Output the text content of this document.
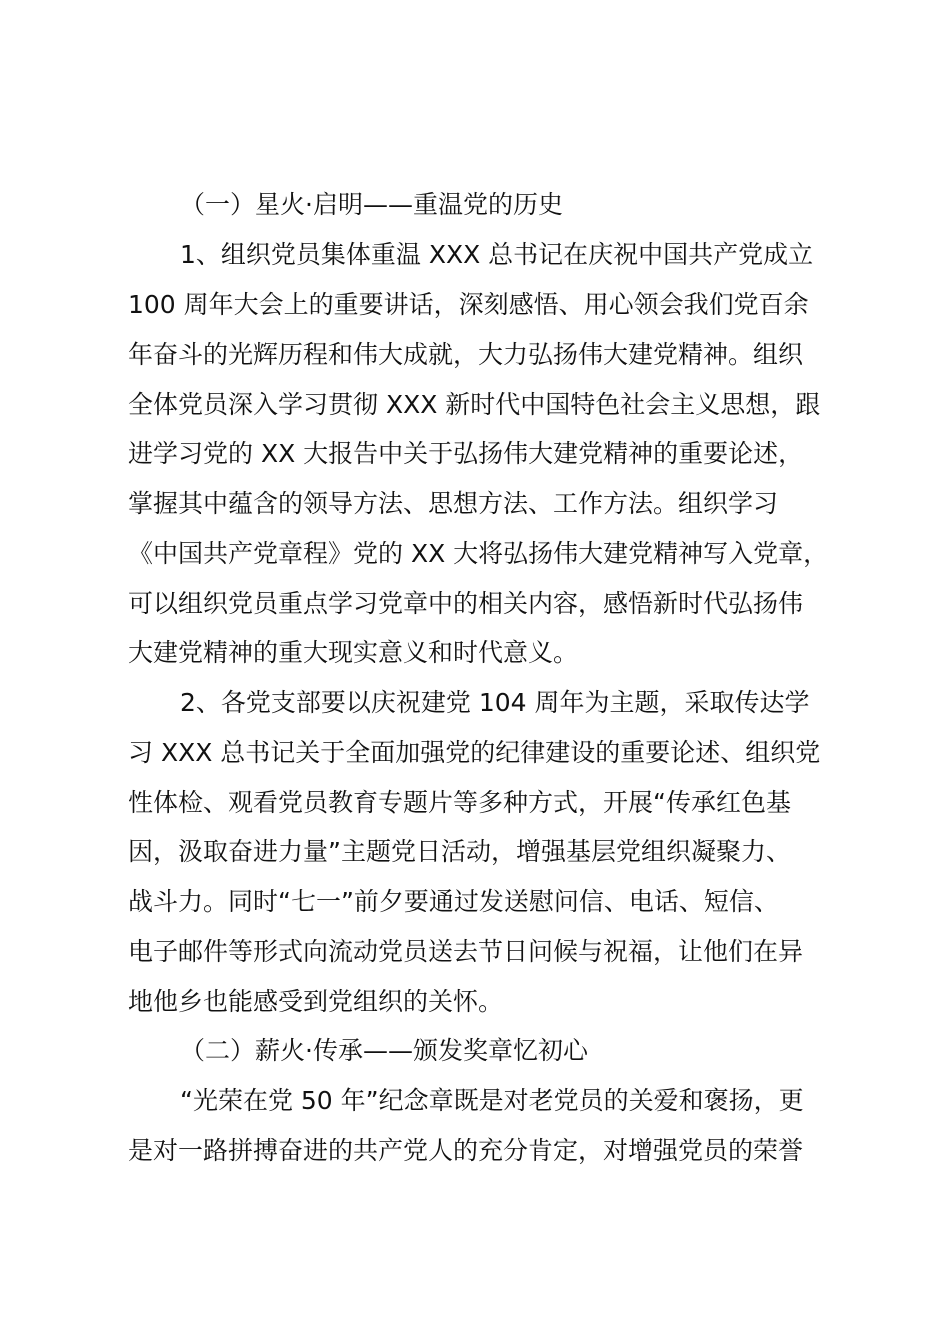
（一）星火·启明——重温党的历史

1、组织党员集体重温 XXX 总书记在庆祝中国共产党成立

100 周年大会上的重要讲话，深刻感悟、用心领会我们党百余

年奋斗的光辉历程和伟大成就，大力弘扬伟大建党精神。组织

全体党员深入学习贯彻 XXX 新时代中国特色社会主义思想，跟

进学习党的 XX 大报告中关于弘扬伟大建党精神的重要论述，

掌握其中蕴含的领导方法、思想方法、工作方法。组织学习

《中国共产党章程》党的 XX 大将弘扬伟大建党精神写入党章，

可以组织党员重点学习党章中的相关内容，感悟新时代弘扬伟

大建党精神的重大现实意义和时代意义。

2、各党支部要以庆祝建党 104 周年为主题，采取传达学

习 XXX 总书记关于全面加强党的纪律建设的重要论述、组织党

性体检、观看党员教育专题片等多种方式，开展“传承红色基

因，汲取奋进力量”主题党日活动，增强基层党组织凝聚力、

战斗力。同时“七一”前夕要通过发送慰问信、电话、短信、

电子邮件等形式向流动党员送去节日问候与祝福，让他们在异

地他乡也能感受到党组织的关怀。

（二）薪火·传承——颁发奖章忆初心

“光荣在党 50 年”纪念章既是对老党员的关爱和褒扬，更

是对一路拼搏奋进的共产党人的充分肯定，对增强党员的荣誉
